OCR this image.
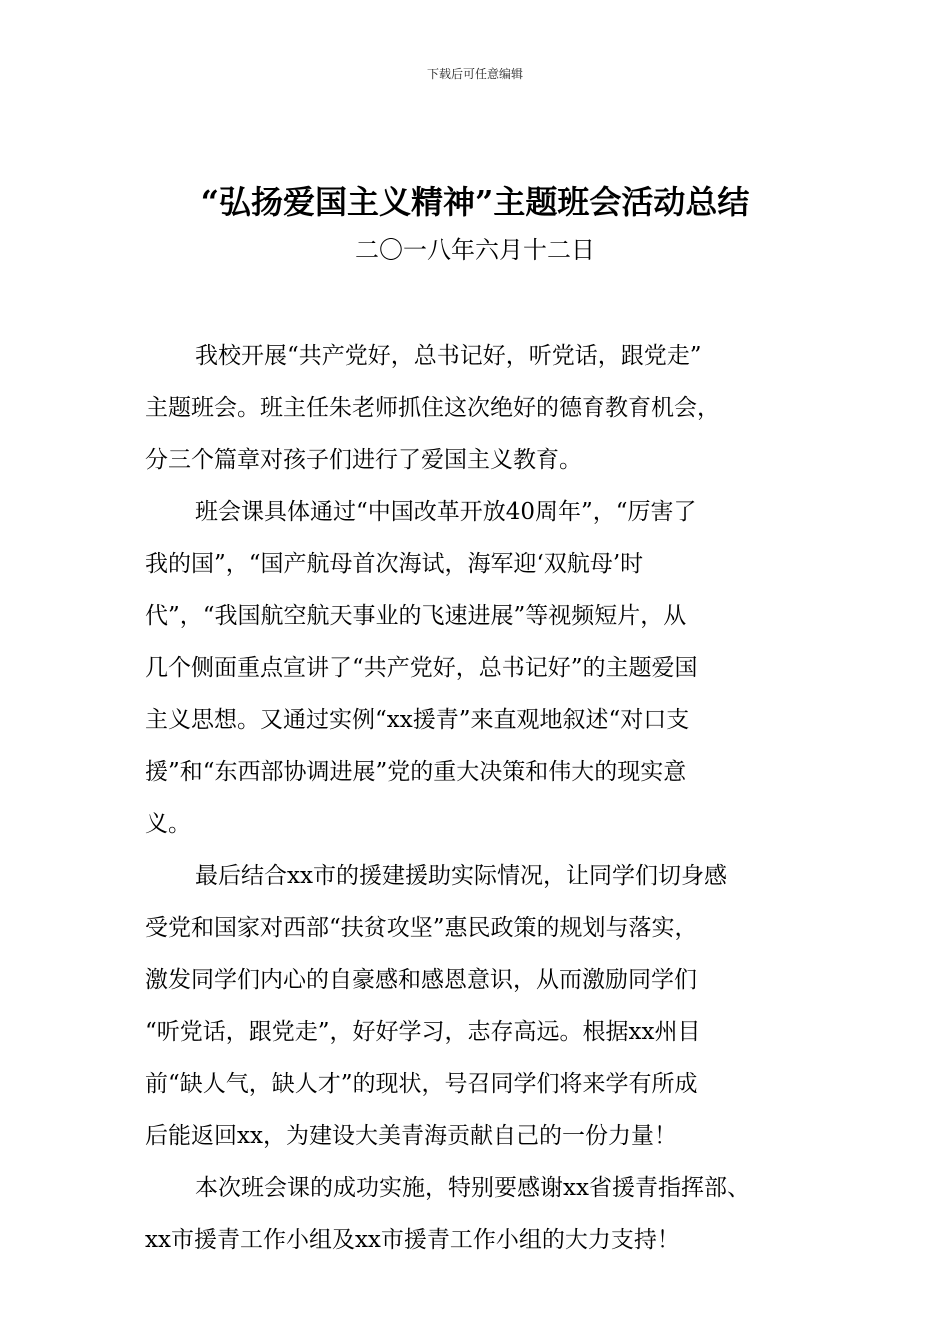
下载后可任意编辑
“弘扬爱国主义精神”主题班会活动总结
二〇一八年六月十二日
我校开展“共产党好，总书记好，听党话，跟党走”
主题班会。班主任朱老师抓住这次绝好的德育教育机会，
分三个篇章对孩子们进行了爱国主义教育。
班会课具体通过“中国改革开放40周年”，“厉害了
我的国”，“国产航母首次海试，海军迎‘双航母’时
代”，“我国航空航天事业的飞速进展”等视频短片，从
几个侧面重点宣讲了“共产党好，总书记好”的主题爱国
主义思想。又通过实例“xx援青”来直观地叙述“对口支
援”和“东西部协调进展”党的重大决策和伟大的现实意
义。
最后结合xx市的援建援助实际情况，让同学们切身感
受党和国家对西部“扶贫攻坚”惠民政策的规划与落实，
激发同学们内心的自豪感和感恩意识，从而激励同学们
“听党话，跟党走”，好好学习，志存高远。根据xx州目
前“缺人气，缺人才”的现状，号召同学们将来学有所成
后能返回xx，为建设大美青海贡献自己的一份力量！
本次班会课的成功实施，特别要感谢xx省援青指挥部、
xx市援青工作小组及xx市援青工作小组的大力支持！
